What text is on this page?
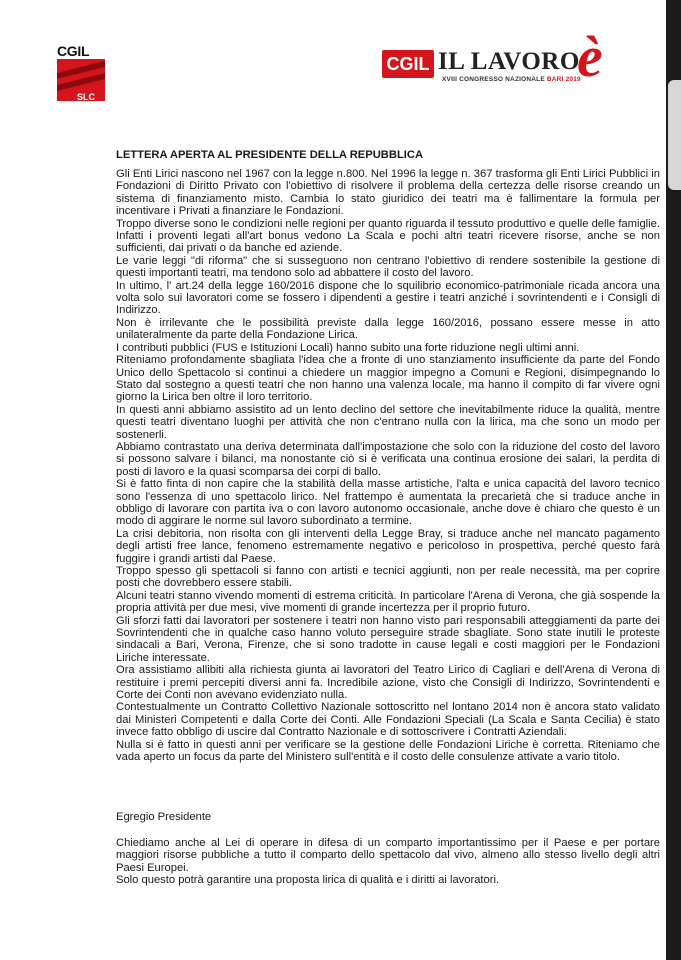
CGIL
SLC
CGIL IL LAVORO
è
XVIII CONGRESSO NAZIONALE BARI 2019
LETTERA APERTA AL PRESIDENTE DELLA REPUBBLICA

Gli Enti Lirici nascono nel 1967 con la legge n.800. Nel 1996 la legge n. 367 trasforma gli Enti Lirici Pubblici in Fondazioni di Diritto Privato con l'obiettivo di risolvere il problema della certezza delle risorse creando un sistema di finanziamento misto. Cambia lo stato giuridico dei teatri ma è fallimentare la formula per incentivare i Privati a finanziare le Fondazioni.

Troppo diverse sono le condizioni nelle regioni per quanto riguarda il tessuto produttivo e quelle delle famiglie. Infatti i proventi legati all'art bonus vedono La Scala e pochi altri teatri ricevere risorse, anche se non sufficienti, dai privati o da banche ed aziende.

Le varie leggi "di riforma" che si susseguono non centrano l'obiettivo di rendere sostenibile la gestione di questi importanti teatri, ma tendono solo ad abbattere il costo del lavoro.

In ultimo, l' art.24 della legge 160/2016 dispone che lo squilibrio economico-patrimoniale ricada ancora una volta solo sui lavoratori come se fossero i dipendenti a gestire i teatri anziché i sovrintendenti e i Consigli di Indirizzo.

Non è irrilevante che le possibilità previste dalla legge 160/2016, possano essere messe in atto unilateralmente da parte della Fondazione Lirica.

I contributi pubblici (FUS e Istituzioni Locali) hanno subito una forte riduzione negli ultimi anni.

Riteniamo profondamente sbagliata l'idea che a fronte di uno stanziamento insufficiente da parte del Fondo Unico dello Spettacolo si continui a chiedere un maggior impegno a Comuni e Regioni, disimpegnando lo Stato dal sostegno a questi teatri che non hanno una valenza locale, ma hanno il compito di far vivere ogni giorno la Lirica ben oltre il loro territorio.

In questi anni abbiamo assistito ad un lento declino del settore che inevitabilmente riduce la qualità, mentre questi teatri diventano luoghi per attività che non c'entrano nulla con la lirica, ma che sono un modo per sostenerli.

Abbiamo contrastato una deriva determinata dall'impostazione che solo con la riduzione del costo del lavoro si possono salvare i bilanci, ma nonostante ciò si è verificata una continua erosione dei salari, la perdita di posti di lavoro e la quasi scomparsa dei corpi di ballo.

Si è fatto finta di non capire che la stabilità della masse artistiche, l'alta e unica capacità del lavoro tecnico sono l'essenza di uno spettacolo lirico. Nel frattempo è aumentata la precarietà che si traduce anche in obbligo di lavorare con partita iva o con lavoro autonomo occasionale, anche dove è chiaro che questo è un modo di aggirare le norme sul lavoro subordinato a termine.

La crisi debitoria, non risolta con gli interventi della Legge Bray, si traduce anche nel mancato pagamento degli artisti free lance, fenomeno estremamente negativo e pericoloso in prospettiva, perché questo farà fuggire i grandi artisti dal Paese.

Troppo spesso gli spettacoli si fanno con artisti e tecnici aggiunti, non per reale necessità, ma per coprire posti che dovrebbero essere stabili.

Alcuni teatri stanno vivendo momenti di estrema criticità. In particolare l'Arena di Verona, che già sospende la propria attività per due mesi, vive momenti di grande incertezza per il proprio futuro.

Gli sforzi fatti dai lavoratori per sostenere i teatri non hanno visto pari responsabili atteggiamenti da parte dei Sovrintendenti che in qualche caso hanno voluto perseguire strade sbagliate. Sono state inutili le proteste sindacali a Bari, Verona, Firenze, che si sono tradotte in cause legali e costi maggiori per le Fondazioni Liriche interessate.

Ora assistiamo allibiti alla richiesta giunta ai lavoratori del Teatro Lirico di Cagliari e dell'Arena di Verona di restituire i premi percepiti diversi anni fa. Incredibile azione, visto che Consigli di Indirizzo, Sovrintendenti e Corte dei Conti non avevano evidenziato nulla.

Contestualmente un Contratto Collettivo Nazionale sottoscritto nel lontano 2014 non è ancora stato validato dai Ministeri Competenti e dalla Corte dei Conti. Alle Fondazioni Speciali (La Scala e Santa Cecilia) è stato invece fatto obbligo di uscire dal Contratto Nazionale e di sottoscrivere i Contratti Aziendali.

Nulla si è fatto in questi anni per verificare se la gestione delle Fondazioni Liriche è corretta. Riteniamo che vada aperto un focus da parte del Ministero sull'entità e il costo delle consulenze attivate a vario titolo.

Egregio Presidente

Chiediamo anche al Lei di operare in difesa di un comparto importantissimo per il Paese e per portare maggiori risorse pubbliche a tutto il comparto dello spettacolo dal vivo, almeno allo stesso livello degli altri Paesi Europei.

Solo questo potrà garantire una proposta lirica di qualità e i diritti ai lavoratori.
